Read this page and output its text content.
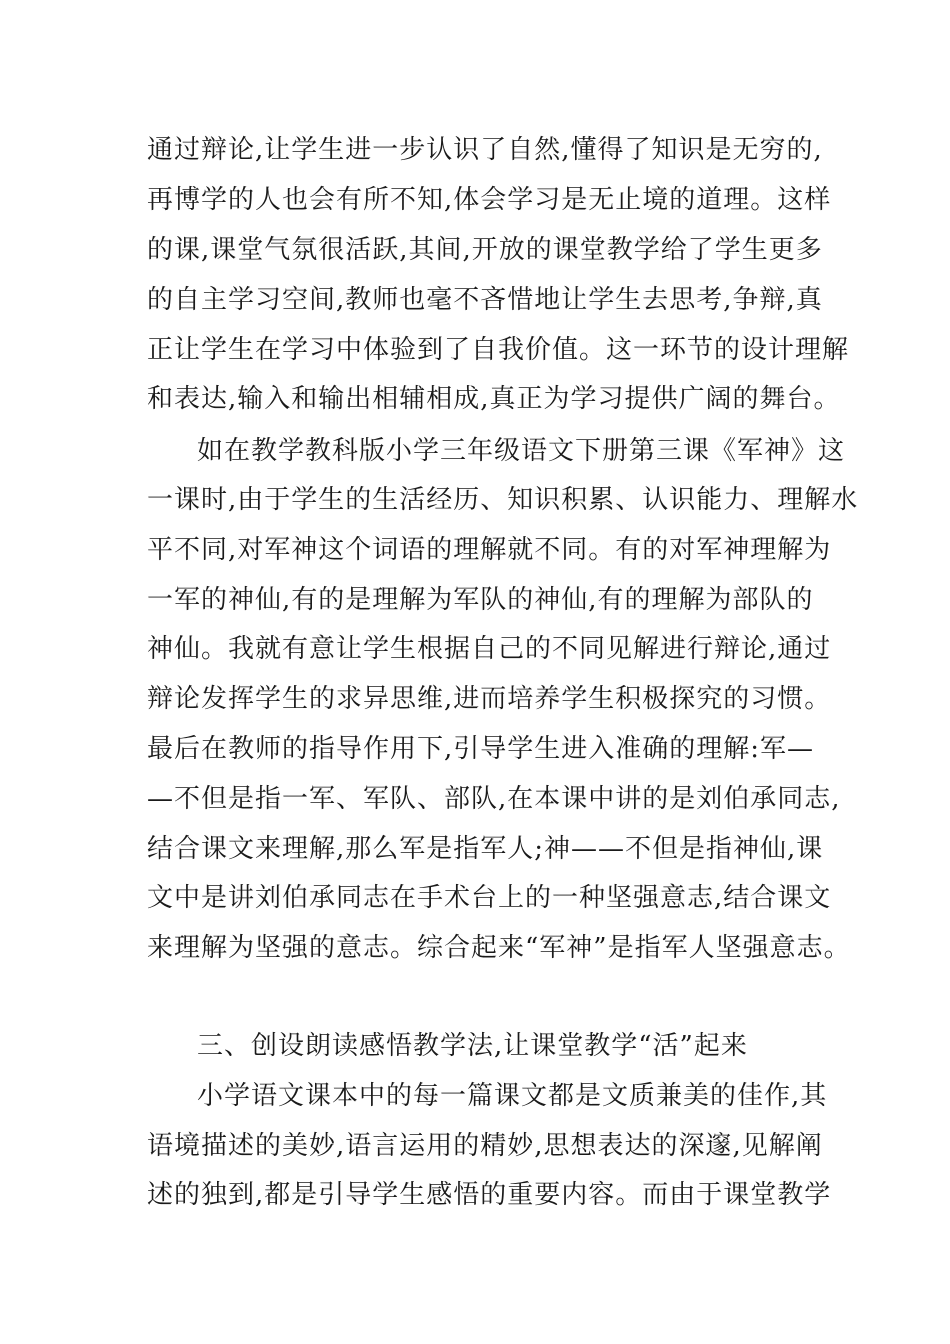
通过辩论,让学生进一步认识了自然,懂得了知识是无穷的,
再博学的人也会有所不知,体会学习是无止境的道理。这样
的课,课堂气氛很活跃,其间,开放的课堂教学给了学生更多
的自主学习空间,教师也毫不吝惜地让学生去思考,争辩,真
正让学生在学习中体验到了自我价值。这一环节的设计理解
和表达,输入和输出相辅相成,真正为学习提供广阔的舞台。
如在教学教科版小学三年级语文下册第三课《军神》这
一课时,由于学生的生活经历、知识积累、认识能力、理解水
平不同,对军神这个词语的理解就不同。有的对军神理解为
一军的神仙,有的是理解为军队的神仙,有的理解为部队的
神仙。我就有意让学生根据自己的不同见解进行辩论,通过
辩论发挥学生的求异思维,进而培养学生积极探究的习惯。
最后在教师的指导作用下,引导学生进入准确的理解:军—
—不但是指一军、军队、部队,在本课中讲的是刘伯承同志,
结合课文来理解,那么军是指军人;神——不但是指神仙,课
文中是讲刘伯承同志在手术台上的一种坚强意志,结合课文
来理解为坚强的意志。综合起来“军神”是指军人坚强意志。
三、创设朗读感悟教学法,让课堂教学“活”起来
小学语文课本中的每一篇课文都是文质兼美的佳作,其
语境描述的美妙,语言运用的精妙,思想表达的深邃,见解阐
述的独到,都是引导学生感悟的重要内容。而由于课堂教学
